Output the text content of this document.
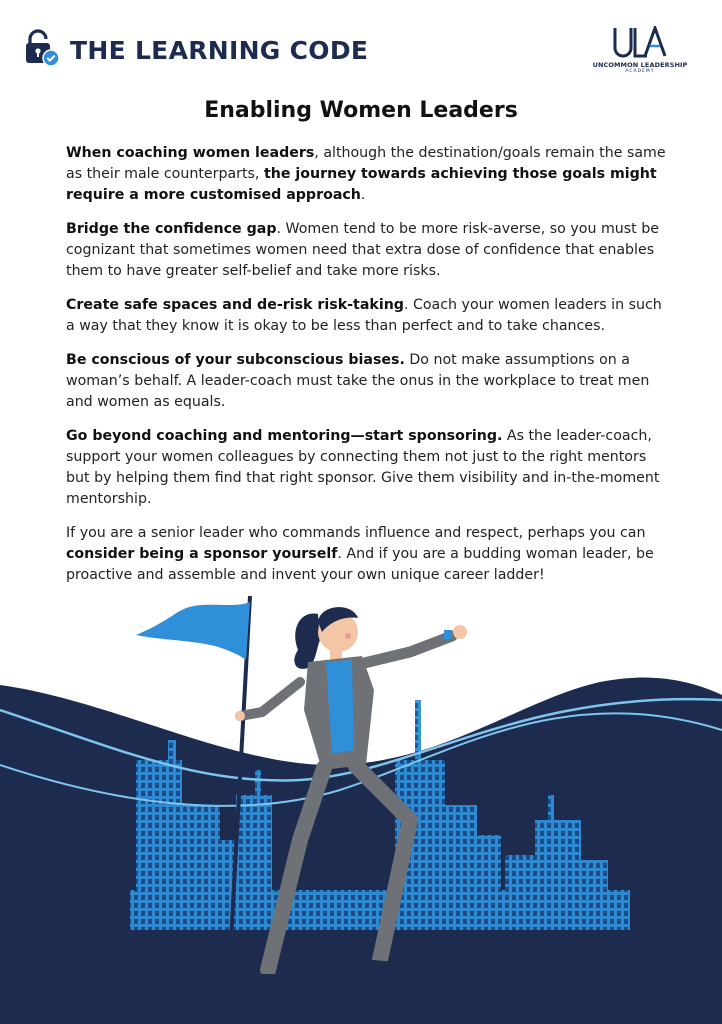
THE LEARNING CODE	UNCOMMON LEADERSHIP
ACADEMY
Enabling Women Leaders

When coaching women leaders, although the destination/goals remain the same as their male counterparts, the journey towards achieving those goals might require a more customised approach.

Bridge the confidence gap. Women tend to be more risk-averse, so you must be cognizant that sometimes women need that extra dose of confidence that enables them to have greater self-belief and take more risks.

Create safe spaces and de-risk risk-taking. Coach your women leaders in such a way that they know it is okay to be less than perfect and to take chances.

Be conscious of your subconscious biases. Do not make assumptions on a woman’s behalf. A leader-coach must take the onus in the workplace to treat men and women as equals.

Go beyond coaching and mentoring—start sponsoring. As the leader-coach, support your women colleagues by connecting them not just to the right mentors but by helping them find that right sponsor. Give them visibility and in-the-moment mentorship.

If you are a senior leader who commands influence and respect, perhaps you can consider being a sponsor yourself. And if you are a budding woman leader, be proactive and assemble and invent your own unique career ladder!
